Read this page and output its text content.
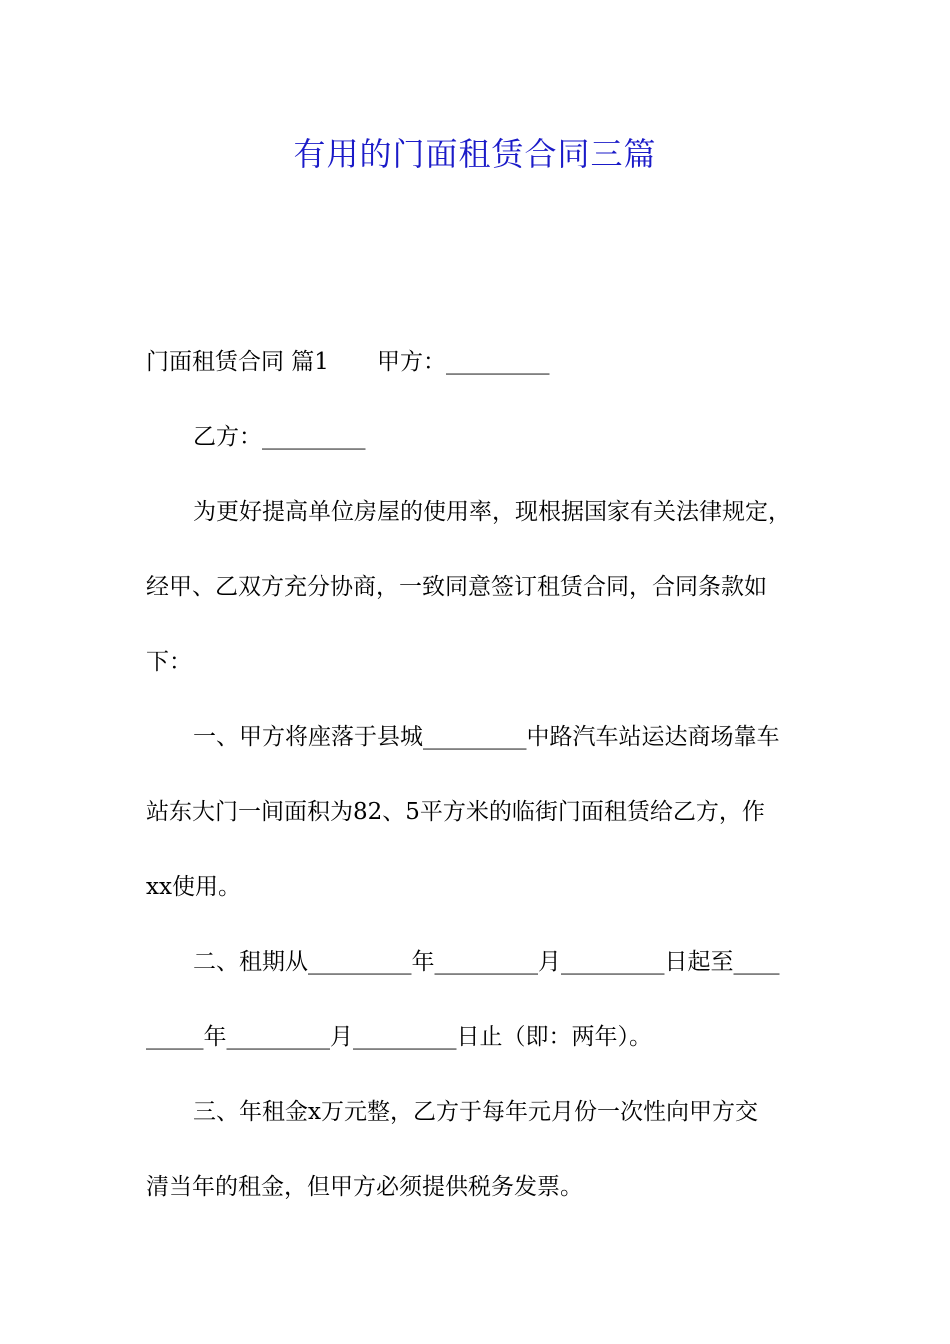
有用的门面租赁合同三篇
门面租赁合同 篇1 甲方：_________
乙方：_________
为更好提高单位房屋的使用率，现根据国家有关法律规定，
经甲、乙双方充分协商，一致同意签订租赁合同，合同条款如
下：
一、甲方将座落于县城_________中路汽车站运达商场靠车
站东大门一间面积为82、5平方米的临街门面租赁给乙方，作
xx使用。
二、租期从_________年_________月_________日起至____
_____年_________月_________日止（即：两年）。
三、年租金x万元整，乙方于每年元月份一次性向甲方交
清当年的租金，但甲方必须提供税务发票。
